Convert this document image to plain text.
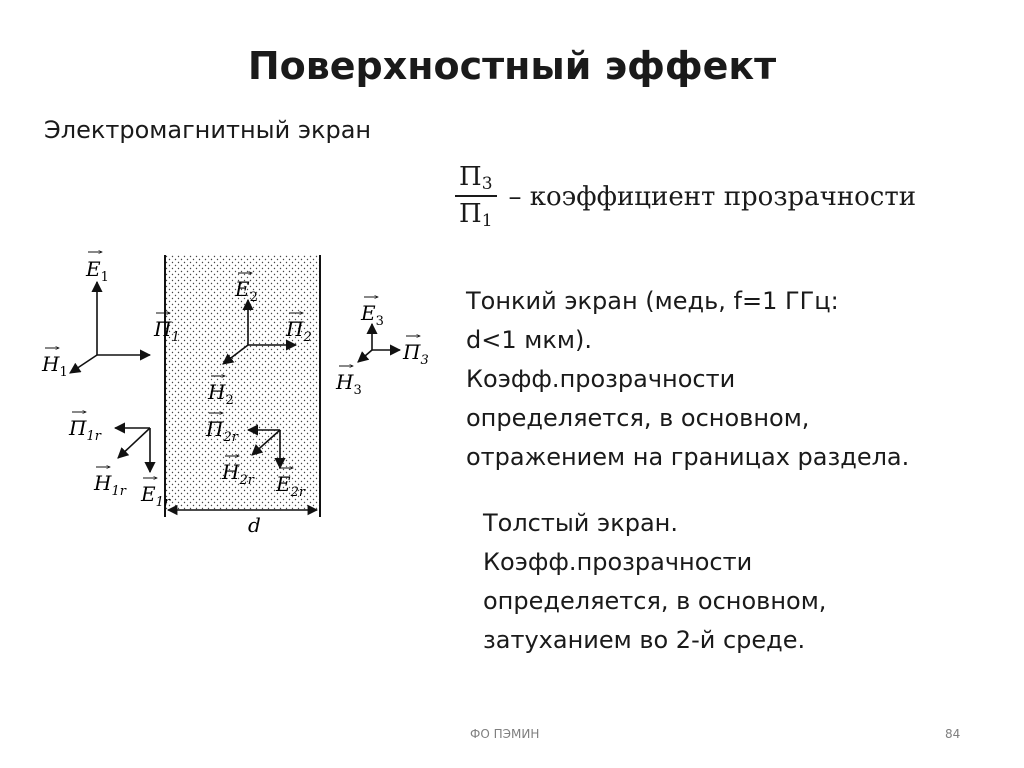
Поверхностный эффект
Электромагнитный экран
$\frac{П_3}{П_1}$ – коэффициент прозрачности
d
$E_1$
$П_1$
$H_1$
$П_{1r}$
$H_{1r}$ $E_{1r}$
$E_2$
$П_2$
$H_2$
$П_{2r}$
$H_{2r}$ $E_{2r}$
$E_3$
$П_3$
$H_3$
Тонкий экран (медь, f=1 ГГц:
d<1 мкм).
Коэфф.прозрачности
определяется, в основном,
отражением на границах раздела.
Толстый экран.
Коэфф.прозрачности
определяется, в основном,
затуханием во 2-й среде.
ФО ПЭМИН	84
